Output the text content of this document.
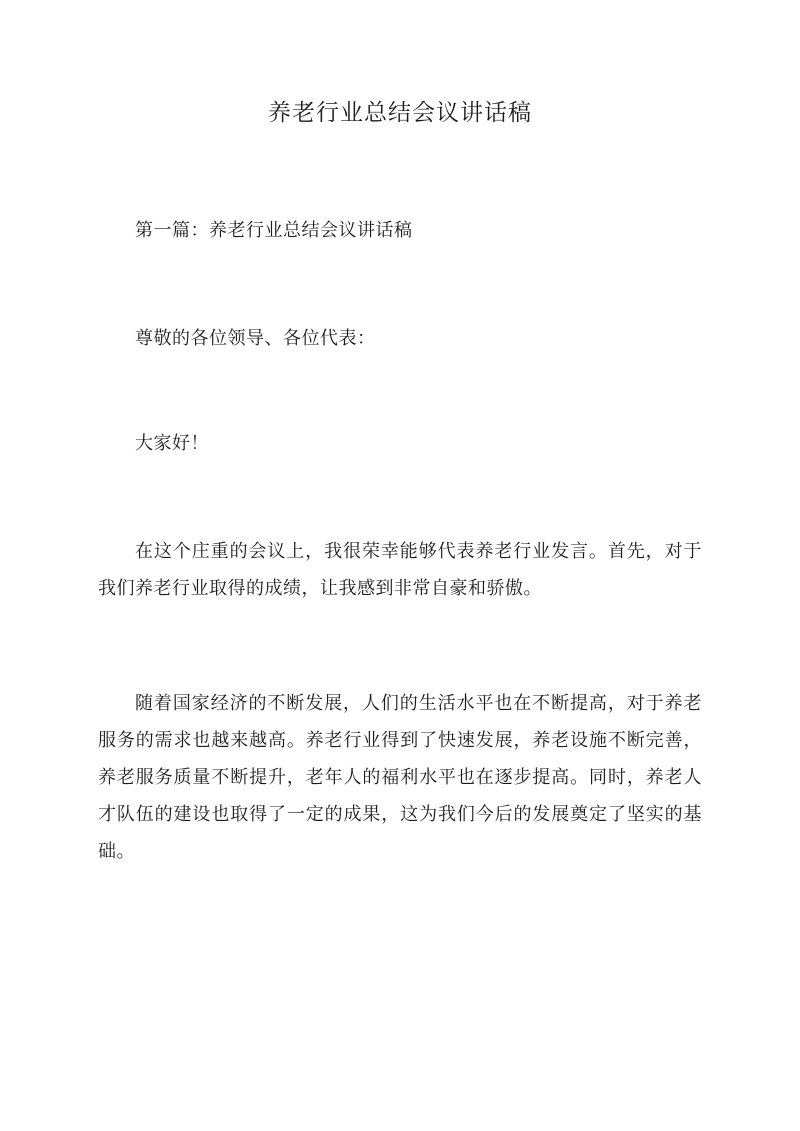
养老行业总结会议讲话稿

第一篇：养老行业总结会议讲话稿

尊敬的各位领导、各位代表：

大家好！

在这个庄重的会议上，我很荣幸能够代表养老行业发言。首先，对于我们养老行业取得的成绩，让我感到非常自豪和骄傲。

随着国家经济的不断发展，人们的生活水平也在不断提高，对于养老服务的需求也越来越高。养老行业得到了快速发展，养老设施不断完善，养老服务质量不断提升，老年人的福利水平也在逐步提高。同时，养老人才队伍的建设也取得了一定的成果，这为我们今后的发展奠定了坚实的基础。
